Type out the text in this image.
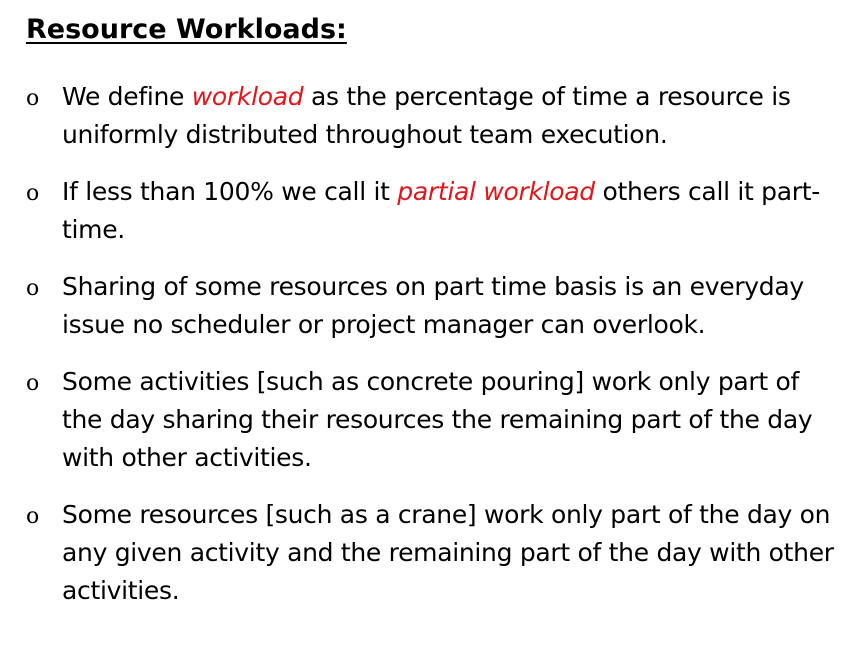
Resource Workloads:
o We define workload as the percentage of time a resource is uniformly distributed throughout team execution.
o If less than 100% we call it partial workload others call it part-time.
o Sharing of some resources on part time basis is an everyday issue no scheduler or project manager can overlook.
o Some activities [such as concrete pouring] work only part of the day sharing their resources the remaining part of the day with other activities.
o Some resources [such as a crane] work only part of the day on any given activity and the remaining part of the day with other activities.
